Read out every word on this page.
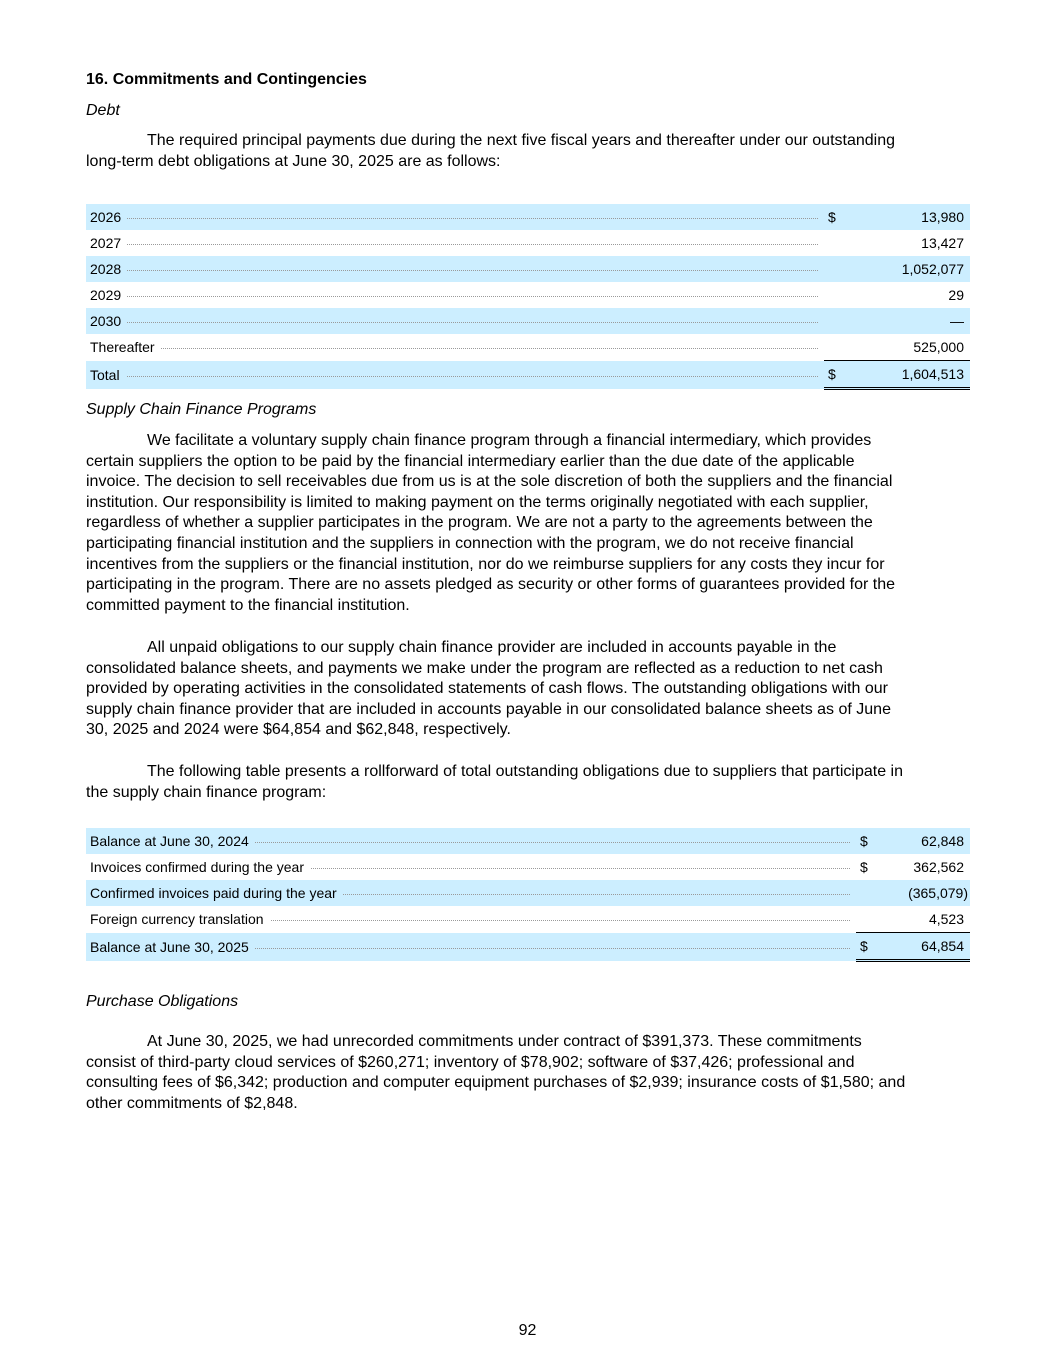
16. Commitments and Contingencies
Debt
The required principal payments due during the next five fiscal years and thereafter under our outstanding
long-term debt obligations at June 30, 2025 are as follows:
2026	$	13,980

2027		13,427

2028		1,052,077

2029		29

2030		—

Thereafter		525,000

Total	$	1,604,513
Supply Chain Finance Programs
We facilitate a voluntary supply chain finance program through a financial intermediary, which provides
certain suppliers the option to be paid by the financial intermediary earlier than the due date of the applicable
invoice. The decision to sell receivables due from us is at the sole discretion of both the suppliers and the financial
institution. Our responsibility is limited to making payment on the terms originally negotiated with each supplier,
regardless of whether a supplier participates in the program. We are not a party to the agreements between the
participating financial institution and the suppliers in connection with the program, we do not receive financial
incentives from the suppliers or the financial institution, nor do we reimburse suppliers for any costs they incur for
participating in the program. There are no assets pledged as security or other forms of guarantees provided for the
committed payment to the financial institution.
All unpaid obligations to our supply chain finance provider are included in accounts payable in the
consolidated balance sheets, and payments we make under the program are reflected as a reduction to net cash
provided by operating activities in the consolidated statements of cash flows. The outstanding obligations with our
supply chain finance provider that are included in accounts payable in our consolidated balance sheets as of June
30, 2025 and 2024 were $64,854 and $62,848, respectively.
The following table presents a rollforward of total outstanding obligations due to suppliers that participate in
the supply chain finance program:
Balance at June 30, 2024	$	62,848

Invoices confirmed during the year	$	362,562

Confirmed invoices paid during the year		(365,079)

Foreign currency translation		4,523

Balance at June 30, 2025	$	64,854
Purchase Obligations
At June 30, 2025, we had unrecorded commitments under contract of $391,373. These commitments
consist of third-party cloud services of $260,271; inventory of $78,902; software of $37,426; professional and
consulting fees of $6,342; production and computer equipment purchases of $2,939; insurance costs of $1,580; and
other commitments of $2,848.
92
